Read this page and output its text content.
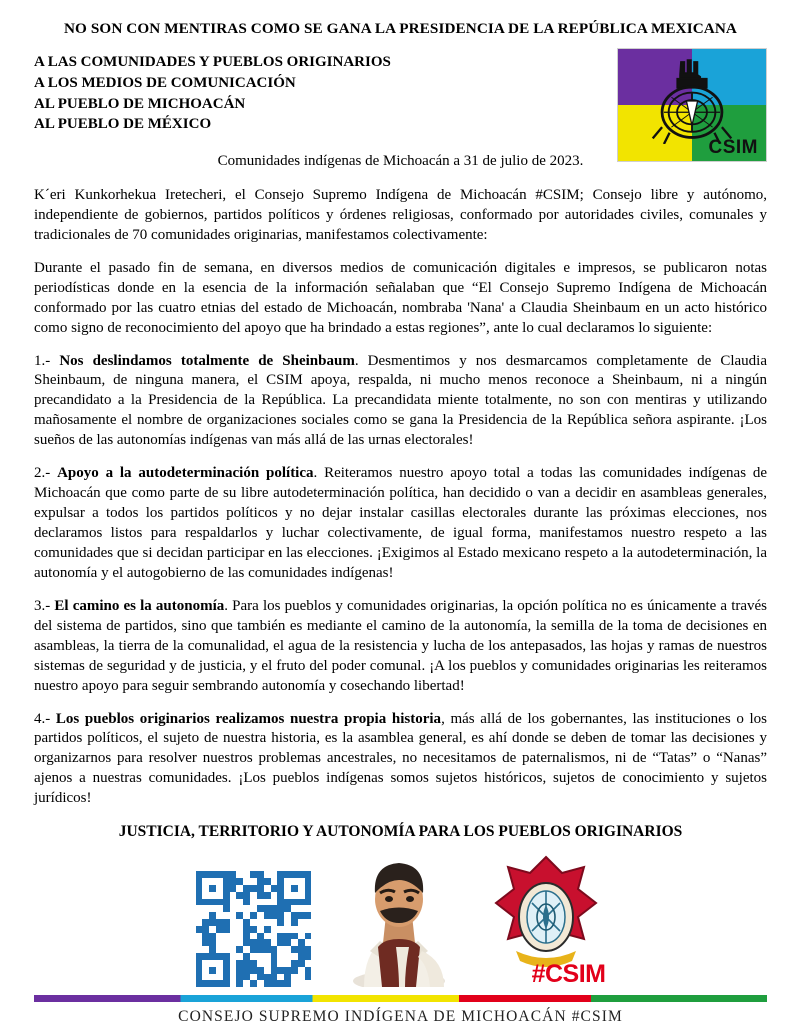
NO SON CON MENTIRAS COMO SE GANA LA PRESIDENCIA DE LA REPÚBLICA MEXICANA
A LAS COMUNIDADES Y PUEBLOS ORIGINARIOS
A LOS MEDIOS DE COMUNICACIÓN
AL PUEBLO DE MICHOACÁN
AL PUEBLO DE MÉXICO
CSIM
Comunidades indígenas de Michoacán a 31 de julio de 2023.

K´eri Kunkorhekua Iretecheri, el Consejo Supremo Indígena de Michoacán #CSIM; Consejo libre y autónomo, independiente de gobiernos, partidos políticos y órdenes religiosas, conformado por autoridades civiles, comunales y tradicionales de 70 comunidades originarias, manifestamos colectivamente:

Durante el pasado fin de semana, en diversos medios de comunicación digitales e impresos, se publicaron notas periodísticas donde en la esencia de la información señalaban que “El Consejo Supremo Indígena de Michoacán conformado por las cuatro etnias del estado de Michoacán, nombraba 'Nana' a Claudia Sheinbaum en un acto histórico como signo de reconocimiento del apoyo que ha brindado a estas regiones”, ante lo cual declaramos lo siguiente:

1.- Nos deslindamos totalmente de Sheinbaum. Desmentimos y nos desmarcamos completamente de Claudia Sheinbaum, de ninguna manera, el CSIM apoya, respalda, ni mucho menos reconoce a Sheinbaum, ni a ningún precandidato a la Presidencia de la República. La precandidata miente totalmente, no son con mentiras y utilizando mañosamente el nombre de organizaciones sociales como se gana la Presidencia de la República señora aspirante. ¡Los sueños de las autonomías indígenas van más allá de las urnas electorales!

2.- Apoyo a la autodeterminación política. Reiteramos nuestro apoyo total a todas las comunidades indígenas de Michoacán que como parte de su libre autodeterminación política, han decidido o van a decidir en asambleas generales, expulsar a todos los partidos políticos y no dejar instalar casillas electorales durante las próximas elecciones, nos declaramos listos para respaldarlos y luchar colectivamente, de igual forma, manifestamos nuestro respeto a las comunidades que si decidan participar en las elecciones. ¡Exigimos al Estado mexicano respeto a la autodeterminación, la autonomía y el autogobierno de las comunidades indígenas!

3.- El camino es la autonomía. Para los pueblos y comunidades originarias, la opción política no es únicamente a través del sistema de partidos, sino que también es mediante el camino de la autonomía, la semilla de la toma de decisiones en asambleas, la tierra de la comunalidad, el agua de la resistencia y lucha de los antepasados, las hojas y ramas de nuestros sistemas de seguridad y de justicia, y el fruto del poder comunal. ¡A los pueblos y comunidades originarias les reiteramos nuestro apoyo para seguir sembrando autonomía y cosechando libertad!

4.- Los pueblos originarios realizamos nuestra propia historia, más allá de los gobernantes, las instituciones o los partidos políticos, el sujeto de nuestra historia, es la asamblea general, es ahí donde se deben de tomar las decisiones y organizarnos para resolver nuestros problemas ancestrales, no necesitamos de paternalismos, ni de “Tatas” o “Nanas” ajenos a nuestras comunidades. ¡Los pueblos indígenas somos sujetos históricos, sujetos de conocimiento y sujetos jurídicos!

JUSTICIA, TERRITORIO Y AUTONOMÍA PARA LOS PUEBLOS ORIGINARIOS
#CSIM
CONSEJO SUPREMO INDÍGENA DE MICHOACÁN #CSIM
